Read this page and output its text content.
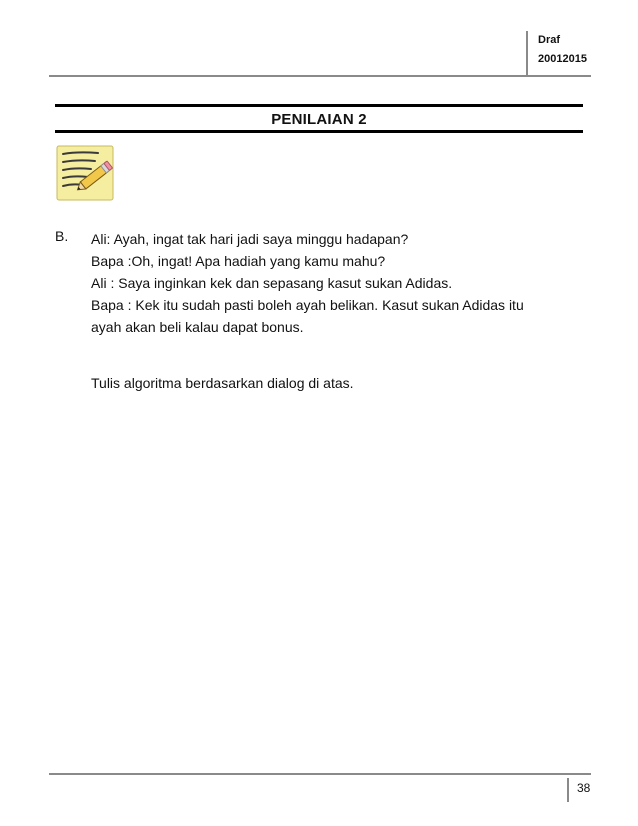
Draf
20012015
PENILAIAN 2
B. Ali: Ayah, ingat tak hari jadi saya minggu hadapan?
Bapa :Oh, ingat! Apa hadiah yang kamu mahu?
Ali : Saya inginkan kek dan sepasang kasut sukan Adidas.
Bapa : Kek itu sudah pasti boleh ayah belikan. Kasut sukan Adidas itu
ayah akan beli kalau dapat bonus.
Tulis algoritma berdasarkan dialog di atas.
38
